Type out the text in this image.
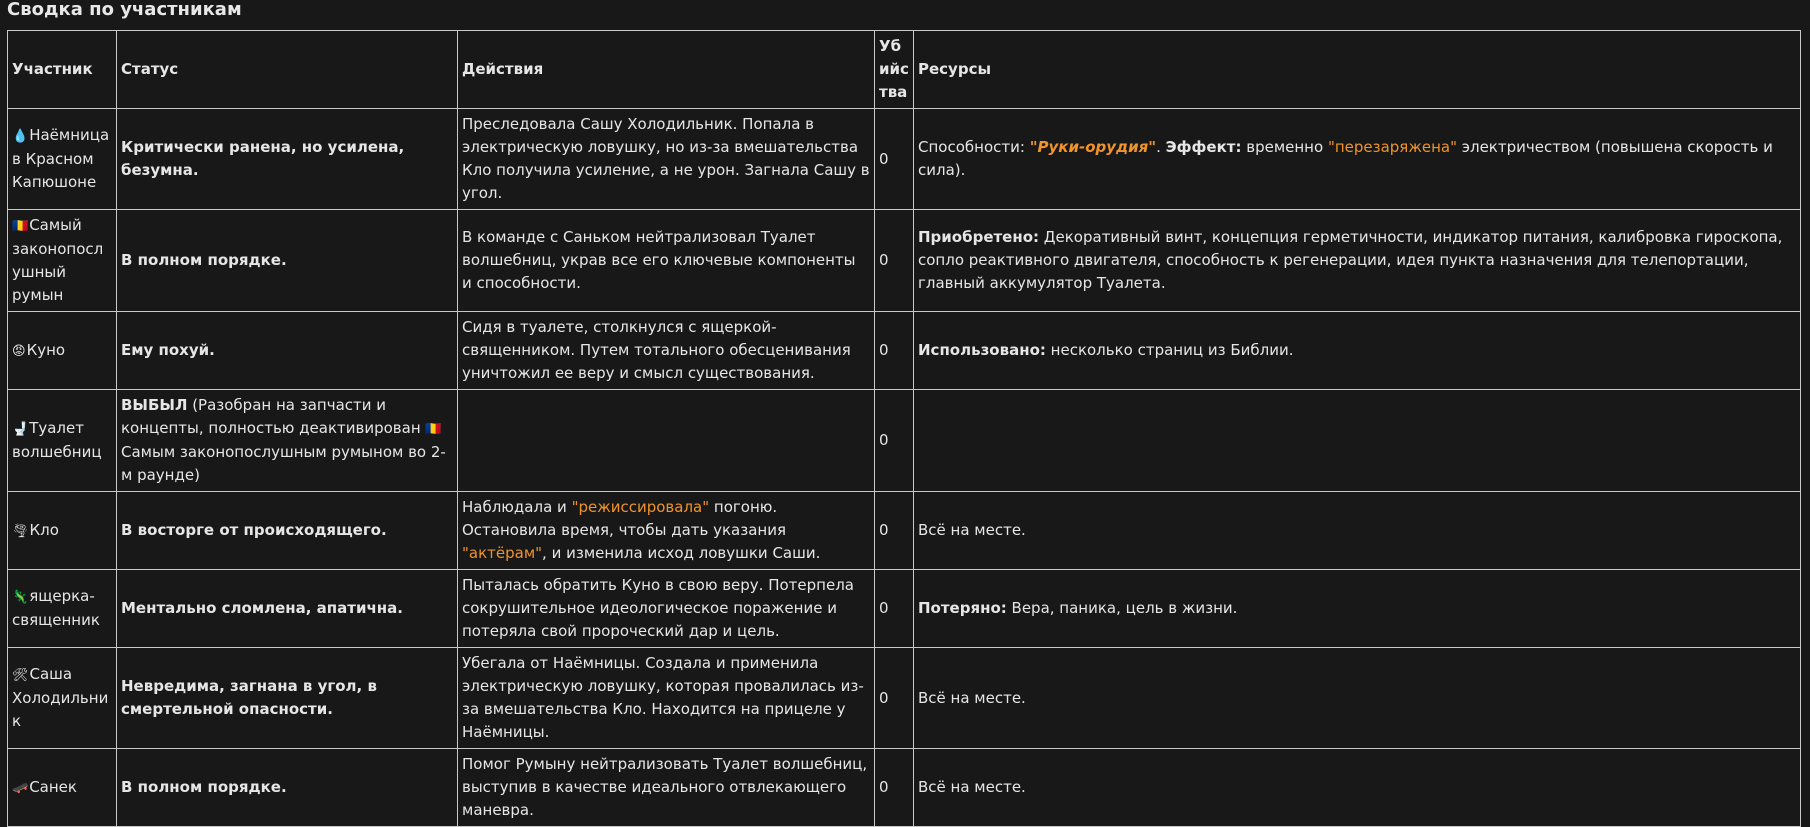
Сводка по участникам
Участник	Статус	Действия	Убийства	Ресурсы
💧Наёмница в Красном Капюшоне	Критически ранена, но усилена, безумна.	Преследовала Сашу Холодильник. Попала в электрическую ловушку, но из-за вмешательства Кло получила усиление, а не урон. Загнала Сашу в угол.	0	Способности: "Руки-орудия". Эффект: временно "перезаряжена" электричеством (повышена скорость и сила).
🇷🇴Самый законопослушный румын	В полном порядке.	В команде с Саньком нейтрализовал Туалет волшебниц, украв все его ключевые компоненты и способности.	0	Приобретено: Декоративный винт, концепция герметичности, индикатор питания, калибровка гироскопа, сопло реактивного двигателя, способность к регенерации, идея пункта назначения для телепортации, главный аккумулятор Туалета.
😡Куно	Ему похуй.	Сидя в туалете, столкнулся с ящеркой-священником. Путем тотального обесценивания уничтожил ее веру и смысл существования.	0	Использовано: несколько страниц из Библии.
🚽Туалет волшебниц	ВЫБЫЛ (Разобран на запчасти и концепты, полностью деактивирован 🇷🇴Самым законопослушным румыном во 2-м раунде)		0	
🌪Кло	В восторге от происходящего.	Наблюдала и "режиссировала" погоню. Остановила время, чтобы дать указания "актёрам", и изменила исход ловушки Саши.	0	Всё на месте.
🦎ящерка-священник	Ментально сломлена, апатична.	Пыталась обратить Куно в свою веру. Потерпела сокрушительное идеологическое поражение и потеряла свой пророческий дар и цель.	0	Потеряно: Вера, паника, цель в жизни.
🛠Саша Холодильник	Невредима, загнана в угол, в смертельной опасности.	Убегала от Наёмницы. Создала и применила электрическую ловушку, которая провалилась из-за вмешательства Кло. Находится на прицеле у Наёмницы.	0	Всё на месте.
🛹Санек	В полном порядке.	Помог Румыну нейтрализовать Туалет волшебниц, выступив в качестве идеального отвлекающего маневра.	0	Всё на месте.
